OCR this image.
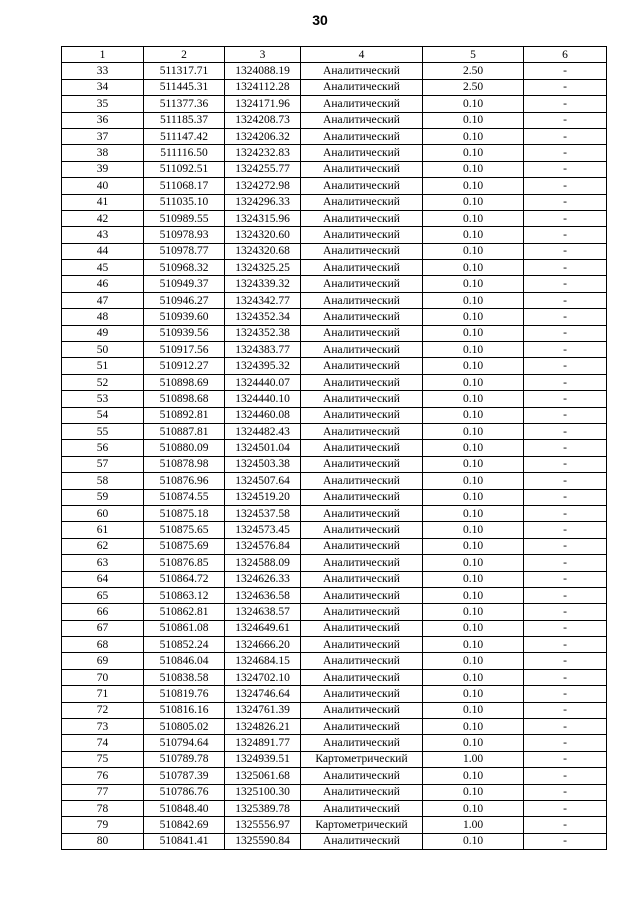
30
1	2	3	4	5	6
33	511317.71	1324088.19	Аналитический	2.50	-
34	511445.31	1324112.28	Аналитический	2.50	-
35	511377.36	1324171.96	Аналитический	0.10	-
36	511185.37	1324208.73	Аналитический	0.10	-
37	511147.42	1324206.32	Аналитический	0.10	-
38	511116.50	1324232.83	Аналитический	0.10	-
39	511092.51	1324255.77	Аналитический	0.10	-
40	511068.17	1324272.98	Аналитический	0.10	-
41	511035.10	1324296.33	Аналитический	0.10	-
42	510989.55	1324315.96	Аналитический	0.10	-
43	510978.93	1324320.60	Аналитический	0.10	-
44	510978.77	1324320.68	Аналитический	0.10	-
45	510968.32	1324325.25	Аналитический	0.10	-
46	510949.37	1324339.32	Аналитический	0.10	-
47	510946.27	1324342.77	Аналитический	0.10	-
48	510939.60	1324352.34	Аналитический	0.10	-
49	510939.56	1324352.38	Аналитический	0.10	-
50	510917.56	1324383.77	Аналитический	0.10	-
51	510912.27	1324395.32	Аналитический	0.10	-
52	510898.69	1324440.07	Аналитический	0.10	-
53	510898.68	1324440.10	Аналитический	0.10	-
54	510892.81	1324460.08	Аналитический	0.10	-
55	510887.81	1324482.43	Аналитический	0.10	-
56	510880.09	1324501.04	Аналитический	0.10	-
57	510878.98	1324503.38	Аналитический	0.10	-
58	510876.96	1324507.64	Аналитический	0.10	-
59	510874.55	1324519.20	Аналитический	0.10	-
60	510875.18	1324537.58	Аналитический	0.10	-
61	510875.65	1324573.45	Аналитический	0.10	-
62	510875.69	1324576.84	Аналитический	0.10	-
63	510876.85	1324588.09	Аналитический	0.10	-
64	510864.72	1324626.33	Аналитический	0.10	-
65	510863.12	1324636.58	Аналитический	0.10	-
66	510862.81	1324638.57	Аналитический	0.10	-
67	510861.08	1324649.61	Аналитический	0.10	-
68	510852.24	1324666.20	Аналитический	0.10	-
69	510846.04	1324684.15	Аналитический	0.10	-
70	510838.58	1324702.10	Аналитический	0.10	-
71	510819.76	1324746.64	Аналитический	0.10	-
72	510816.16	1324761.39	Аналитический	0.10	-
73	510805.02	1324826.21	Аналитический	0.10	-
74	510794.64	1324891.77	Аналитический	0.10	-
75	510789.78	1324939.51	Картометрический	1.00	-
76	510787.39	1325061.68	Аналитический	0.10	-
77	510786.76	1325100.30	Аналитический	0.10	-
78	510848.40	1325389.78	Аналитический	0.10	-
79	510842.69	1325556.97	Картометрический	1.00	-
80	510841.41	1325590.84	Аналитический	0.10	-
